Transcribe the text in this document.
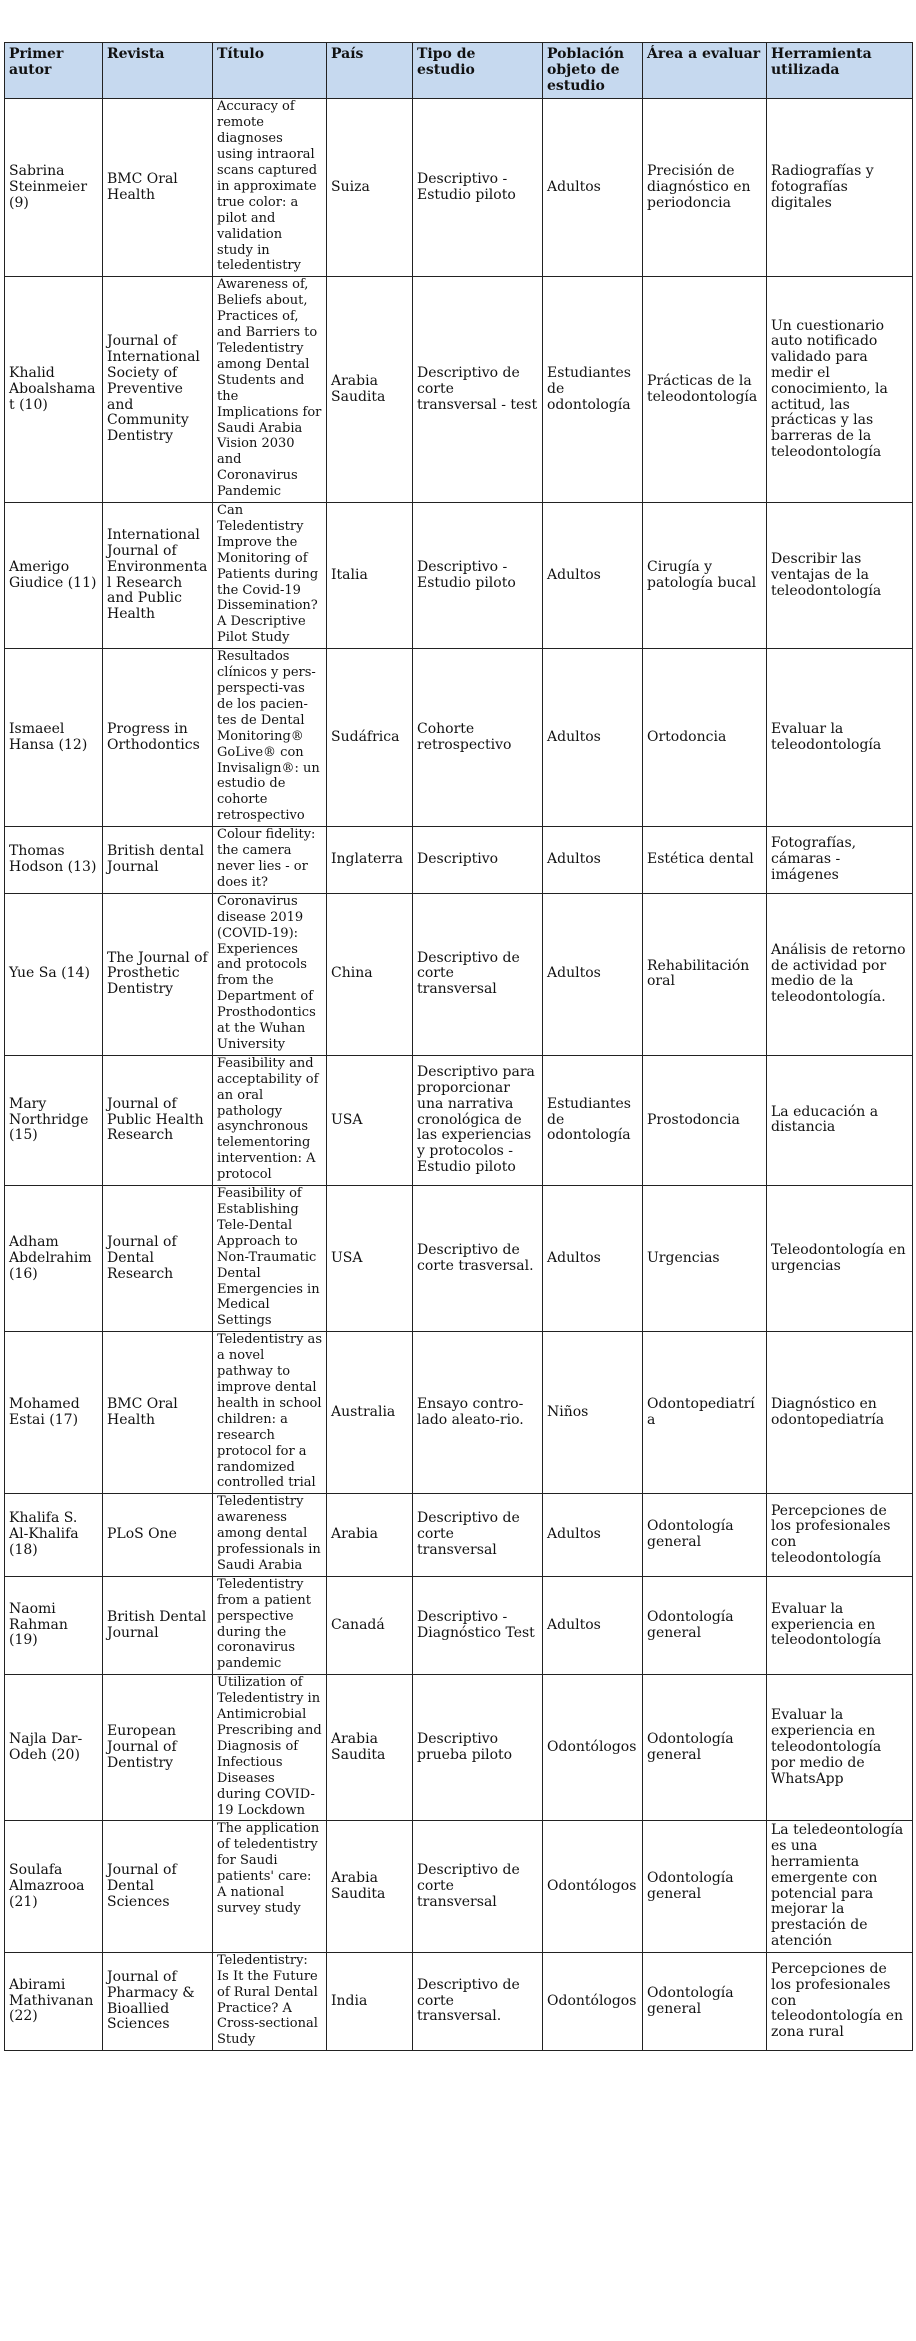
Primer autor	Revista	Título	País	Tipo de estudio	Población objeto de estudio	Área a evaluar	Herramienta utilizada
Sabrina Steinmeier (9)	BMC Oral Health	Accuracy of remote diagnoses using intraoral scans captured in approximate true color: a pilot and validation study in teledentistry	Suiza	Descriptivo - Estudio piloto	Adultos	Precisión de diagnóstico en periodoncia	Radiografías y fotografías digitales
Khalid Aboalshamat (10)	Journal of International Society of Preventive and Community Dentistry	Awareness of, Beliefs about, Practices of, and Barriers to Teledentistry among Dental Students and the Implications for Saudi Arabia Vision 2030 and Coronavirus Pandemic	Arabia Saudita	Descriptivo de corte transversal - test	Estudiantes de odontología	Prácticas de la teleodontología	Un cuestionario auto notificado validado para medir el conocimiento, la actitud, las prácticas y las barreras de la teleodontología
Amerigo Giudice (11)	International Journal of Environmental Research and Public Health	Can Teledentistry Improve the Monitoring of Patients during the Covid-19 Dissemination? A Descriptive Pilot Study	Italia	Descriptivo - Estudio piloto	Adultos	Cirugía y patología bucal	Describir las ventajas de la teleodontología
Ismaeel Hansa (12)	Progress in Orthodontics	Resultados clínicos y pers-perspecti-vas de los pacien-tes de Dental Monitoring® GoLive® con Invisalign®: un estudio de cohorte retrospectivo	Sudáfrica	Cohorte retrospectivo	Adultos	Ortodoncia	Evaluar la teleodontología
Thomas Hodson (13)	British dental Journal	Colour fidelity: the camera never lies - or does it?	Inglaterra	Descriptivo	Adultos	Estética dental	Fotografías, cámaras - imágenes
Yue Sa (14)	The Journal of Prosthetic Dentistry	Coronavirus disease 2019 (COVID-19): Experiences and protocols from the Department of Prosthodontics at the Wuhan University	China	Descriptivo de corte transversal	Adultos	Rehabilitación oral	Análisis de retorno de actividad por medio de la teleodontología.
Mary Northridge (15)	Journal of Public Health Research	Feasibility and acceptability of an oral pathology asynchronous telementoring intervention: A protocol	USA	Descriptivo para proporcionar una narrativa cronológica de las experiencias y protocolos - Estudio piloto	Estudiantes de odontología	Prostodoncia	La educación a distancia
Adham Abdelrahim (16)	Journal of Dental Research	Feasibility of Establishing Tele-Dental Approach to Non-Traumatic Dental Emergencies in Medical Settings	USA	Descriptivo de corte trasversal.	Adultos	Urgencias	Teleodontología en urgencias
Mohamed Estai (17)	BMC Oral Health	Teledentistry as a novel pathway to improve dental health in school children: a research protocol for a randomized controlled trial	Australia	Ensayo contro-lado aleato-rio.	Niños	Odontopediatría	Diagnóstico en odontopediatría
Khalifa S. Al-Khalifa (18)	PLoS One	Teledentistry awareness among dental professionals in Saudi Arabia	Arabia	Descriptivo de corte transversal	Adultos	Odontología general	Percepciones de los profesionales con teleodontología
Naomi Rahman (19)	British Dental Journal	Teledentistry from a patient perspective during the coronavirus pandemic	Canadá	Descriptivo - Diagnóstico Test	Adultos	Odontología general	Evaluar la experiencia en teleodontología
Najla Dar-Odeh (20)	European Journal of Dentistry	Utilization of Teledentistry in Antimicrobial Prescribing and Diagnosis of Infectious Diseases during COVID-19 Lockdown	Arabia Saudita	Descriptivo prueba piloto	Odontólogos	Odontología general	Evaluar la experiencia en teleodontología por medio de WhatsApp
Soulafa Almazrooa (21)	Journal of Dental Sciences	The application of teledentistry for Saudi patients' care: A national survey study	Arabia Saudita	Descriptivo de corte transversal	Odontólogos	Odontología general	La teledeontología es una herramienta emergente con potencial para mejorar la prestación de atención
Abirami Mathivanan (22)	Journal of Pharmacy & Bioallied Sciences	Teledentistry: Is It the Future of Rural Dental Practice? A Cross-sectional Study	India	Descriptivo de corte transversal.	Odontólogos	Odontología general	Percepciones de los profesionales con teleodontología en zona rural
